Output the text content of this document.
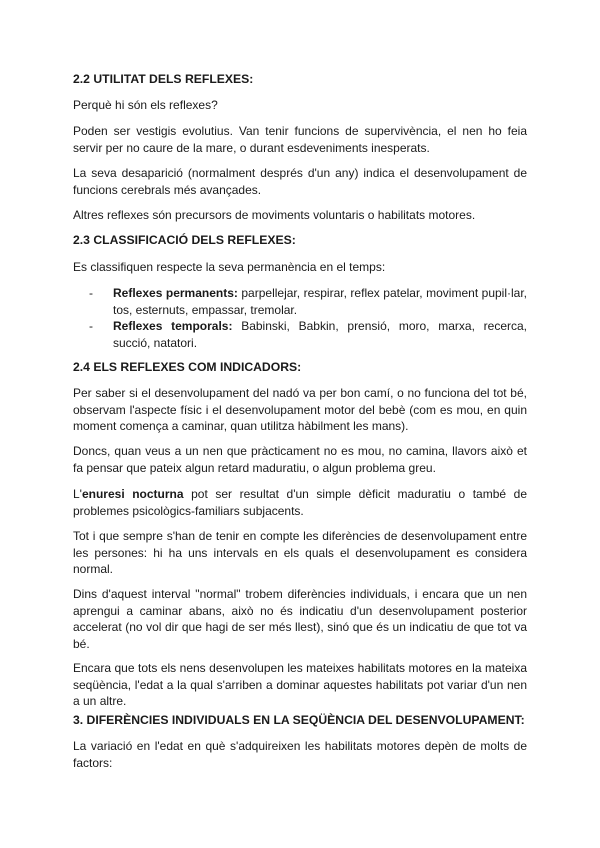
2.2 UTILITAT DELS REFLEXES:
Perquè hi són els reflexes?
Poden ser vestigis evolutius. Van tenir funcions de supervivència, el nen ho feia servir per no caure de la mare, o durant esdeveniments inesperats.
La seva desaparició (normalment després d'un any) indica el desenvolupament de funcions cerebrals més avançades.
Altres reflexes són precursors de moviments voluntaris o habilitats motores.
2.3 CLASSIFICACIÓ DELS REFLEXES:
Es classifiquen respecte la seva permanència en el temps:
- Reflexes permanents: parpellejar, respirar, reflex patelar, moviment pupil·lar, tos, esternuts, empassar, tremolar.
- Reflexes temporals: Babinski, Babkin, prensió, moro, marxa, recerca, succió, natatori.
2.4 ELS REFLEXES COM INDICADORS:
Per saber si el desenvolupament del nadó va per bon camí, o no funciona del tot bé, observam l'aspecte físic i el desenvolupament motor del bebè (com es mou, en quin moment comença a caminar, quan utilitza hàbilment les mans).
Doncs, quan veus a un nen que pràcticament no es mou, no camina, llavors això et fa pensar que pateix algun retard maduratiu, o algun problema greu.
L'enuresi nocturna pot ser resultat d'un simple dèficit maduratiu o també de problemes psicològics-familiars subjacents.
Tot i que sempre s'han de tenir en compte les diferències de desenvolupament entre les persones: hi ha uns intervals en els quals el desenvolupament es considera normal.
Dins d'aquest interval "normal" trobem diferències individuals, i encara que un nen aprengui a caminar abans, això no és indicatiu d'un desenvolupament posterior accelerat (no vol dir que hagi de ser més llest), sinó que és un indicatiu de que tot va bé.
Encara que tots els nens desenvolupen les mateixes habilitats motores en la mateixa seqüència, l'edat a la qual s'arriben a dominar aquestes habilitats pot variar d'un nen a un altre.
3. DIFERÈNCIES INDIVIDUALS EN LA SEQÜÈNCIA DEL DESENVOLUPAMENT:
La variació en l'edat en què s'adquireixen les habilitats motores depèn de molts de factors:
